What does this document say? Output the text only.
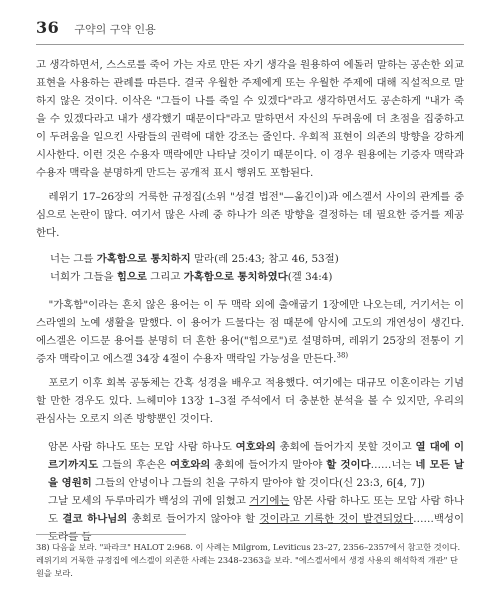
36 구약의 구약 인용

고 생각하면서, 스스로를 죽어 가는 자로 만든 자기 생각을 원용하여 에돌러 말하는 공손한 외교 표현을 사용하는 관례를 따른다. 결국 우월한 주제에게 또는 우월한 주제에 대해 직설적으로 말하지 않은 것이다. 이삭은 "그들이 나를 죽일 수 있겠다"라고 생각하면서도 공손하게 "내가 죽을 수 있겠다라고 내가 생각했기 때문이다"라고 말하면서 자신의 두려움에 더 초점을 집중하고 이 두려움을 일으킨 사람들의 권력에 대한 강조는 줄인다. 우회적 표현이 의존의 방향을 강하게 시사한다. 이런 것은 수용자 맥락에만 나타날 것이기 때문이다. 이 경우 원용에는 기증자 맥락과 수용자 맥락을 분명하게 만드는 공개적 표시 행위도 포함된다.

레위기 17–26장의 거룩한 규정집(소위 "성결 법전"—옮긴이)과 에스겔서 사이의 관계를 중심으로 논란이 많다. 여기서 많은 사례 중 하나가 의존 방향을 결정하는 데 필요한 증거를 제공한다.

너는 그를 가혹함으로 통치하지 말라(레 25:43; 참고 46, 53절)

너희가 그들을 힘으로 그리고 가혹함으로 통치하였다(겔 34:4)

"가혹함"이라는 흔치 않은 용어는 이 두 맥락 외에 출애굽기 1장에만 나오는데, 거기서는 이스라엘의 노예 생활을 말했다. 이 용어가 드물다는 점 때문에 암시에 고도의 개연성이 생긴다. 에스겔은 이드문 용어를 분명히 더 흔한 용어("힘으로")로 설명하며, 레위기 25장의 전통이 기증자 맥락이고 에스겔 34장 4절이 수용자 맥락일 가능성을 만든다.$^{38)}$

포로기 이후 회복 공동체는 간혹 성경을 배우고 적용했다. 여기에는 대규모 이혼이라는 기념할 만한 경우도 있다. 느헤미야 13장 1–3절 주석에서 더 충분한 분석을 볼 수 있지만, 우리의 관심사는 오로지 의존 방향뿐인 것이다.

암몬 사람 하나도 또는 모압 사람 하나도 여호와의 총회에 들어가지 못할 것이고 열 대에 이르기까지도 그들의 후손은 여호와의 총회에 들어가지 말아야 할 것이다……너는 네 모든 날을 영원히 그들의 안녕이나 그들의 친을 구하지 말아야 할 것이다(신 23:3, 6[4, 7])

그날 모세의 두루마리가 백성의 귀에 읽혔고 거기에는 암몬 사람 하나도 또는 모압 사람 하나도 결코 하나님의 총회로 들어가지 않아야 할 것이라고 기록한 것이 발견되었다……백성이 토라를 들

38) 다음을 보라. "파라크" HALOT 2:968. 이 사례는 Milgrom, Leviticus 23–27, 2356–2357에서 참고한 것이다. 레위기의 거룩한 규정집에 에스겔이 의존한 사례는 2348–2363을 보라. "에스겔서에서 생경 사용의 해석학적 개관" 단원을 보라.
